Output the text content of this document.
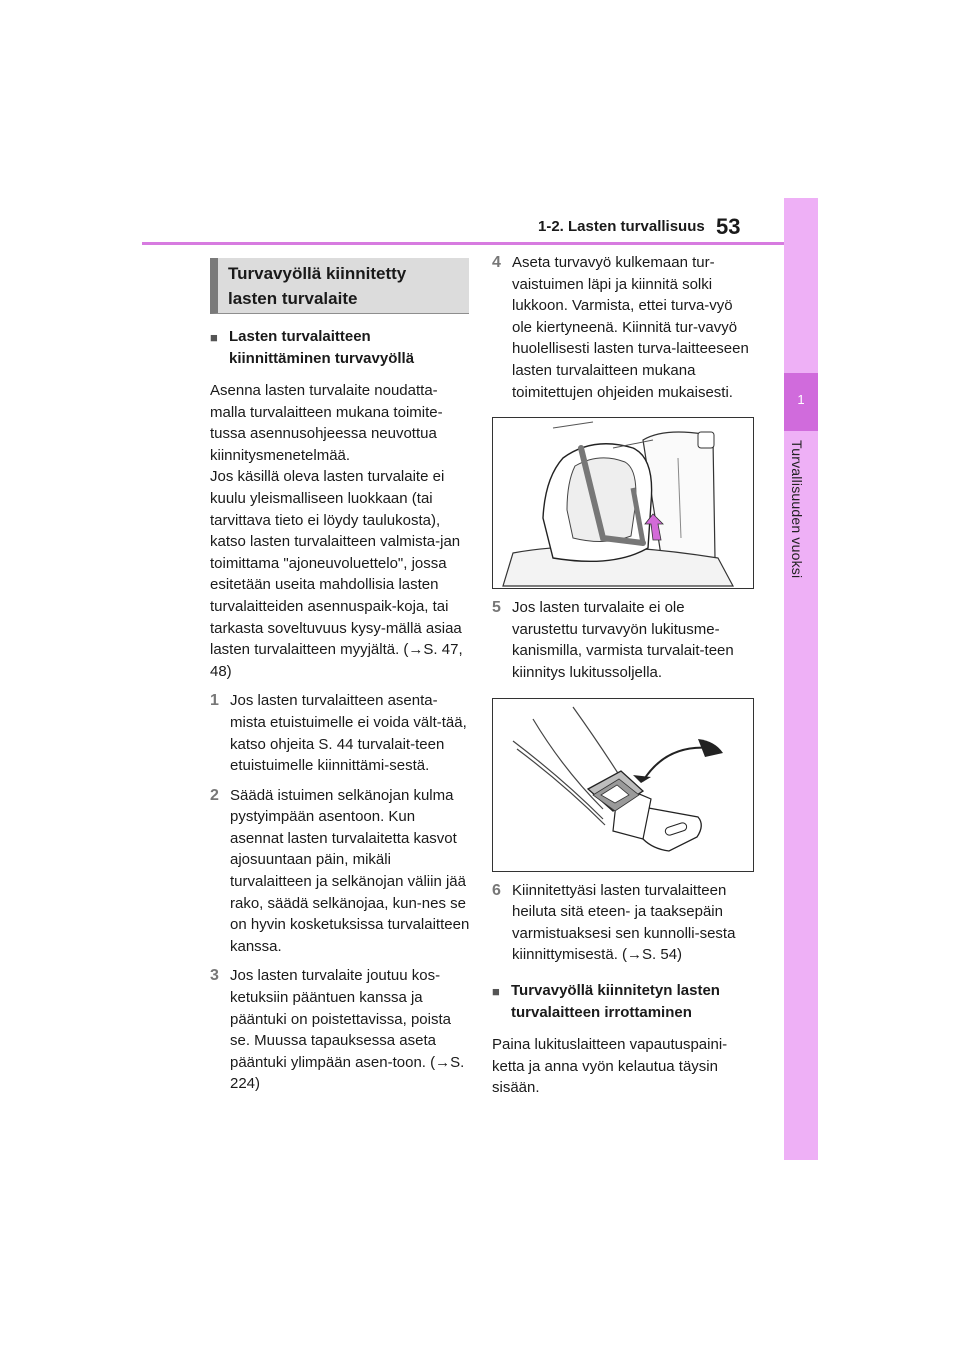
1-2. Lasten turvallisuus 53
1
Turvallisuuden vuoksi
Turvavyöllä kiinnitetty lasten turvalaite
■ Lasten turvalaitteen kiinnittäminen turvavyöllä

Asenna lasten turvalaite noudatta-malla turvalaitteen mukana toimite-tussa asennusohjeessa neuvottua kiinnitysmenetelmää.

Jos käsillä oleva lasten turvalaite ei kuulu yleismalliseen luokkaan (tai tarvittava tieto ei löydy taulukosta), katso lasten turvalaitteen valmista-jan toimittama "ajoneuvoluettelo", jossa esitetään useita mahdollisia lasten turvalaitteiden asennuspaik-koja, tai tarkasta soveltuvuus kysy-mällä asiaa lasten turvalaitteen myyjältä. (→S. 47, 48)

1 Jos lasten turvalaitteen asenta-mista etuistuimelle ei voida vält-tää, katso ohjeita S. 44 turvalait-teen etuistuimelle kiinnittämi-sestä.
2 Säädä istuimen selkänojan kulma pystyimpään asentoon. Kun asennat lasten turvalaitetta kasvot ajosuuntaan päin, mikäli turvalaitteen ja selkänojan väliin jää rako, säädä selkänojaa, kun-nes se on hyvin kosketuksissa turvalaitteen kanssa.
3 Jos lasten turvalaite joutuu kos-ketuksiin pääntuen kanssa ja pääntuki on poistettavissa, poista se. Muussa tapauksessa aseta pääntuki ylimpään asen-toon. (→S. 224)
4 Aseta turvavyö kulkemaan tur-vaistuimen läpi ja kiinnitä solki lukkoon. Varmista, ettei turva-vyö ole kiertyneenä. Kiinnitä tur-vavyö huolellisesti lasten turva-laitteeseen lasten turvalaitteen mukana toimitettujen ohjeiden mukaisesti.
5 Jos lasten turvalaite ei ole varustettu turvavyön lukitusme-kanismilla, varmista turvalait-teen kiinnitys lukitussoljella.
6 Kiinnitettyäsi lasten turvalaitteen heiluta sitä eteen- ja taaksepäin varmistuaksesi sen kunnolli-sesta kiinnittymisestä. (→S. 54)
■ Turvavyöllä kiinnitetyn lasten turvalaitteen irrottaminen

Paina lukituslaitteen vapautuspaini-ketta ja anna vyön kelautua täysin sisään.
